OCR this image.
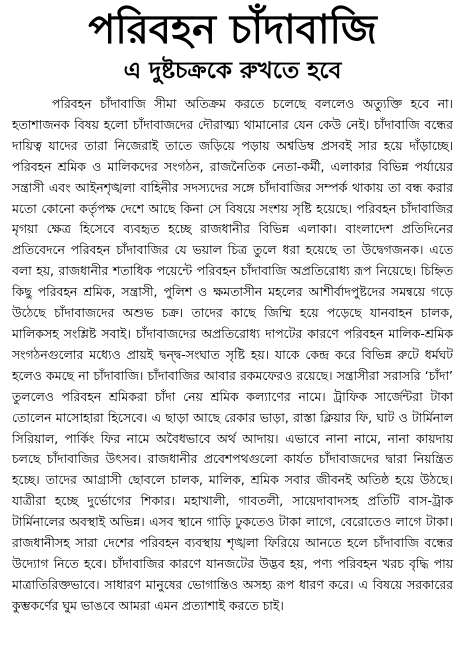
পরিবহন চাঁদাবাজি
এ দুষ্টচক্রকে রুখতে হবে

পরিবহন চাঁদাবাজি সীমা অতিক্রম করতে চলেছে বললেও অত্যুক্তি হবে না। হতাশাজনক বিষয় হলো চাঁদাবাজদের দৌরাত্ম্য থামানোর যেন কেউ নেই। চাঁদাবাজি বন্ধের দায়িত্ব যাদের তারা নিজেরাই তাতে জড়িয়ে পড়ায় অশ্বডিম্ব প্রসবই সার হয়ে দাঁড়াচ্ছে। পরিবহন শ্রমিক ও মালিকদের সংগঠন, রাজনৈতিক নেতা-কর্মী, এলাকার বিভিন্ন পর্যায়ের সন্ত্রাসী এবং আইনশৃঙ্খলা বাহিনীর সদস্যদের সঙ্গে চাঁদাবাজির সম্পর্ক থাকায় তা বন্ধ করার মতো কোনো কর্তৃপক্ষ দেশে আছে কিনা সে বিষয়ে সংশয় সৃষ্টি হয়েছে। পরিবহন চাঁদাবাজির মৃগয়া ক্ষেত্র হিসেবে ব্যবহৃত হচ্ছে রাজধানীর বিভিন্ন এলাকা। বাংলাদেশ প্রতিদিনের প্রতিবেদনে পরিবহন চাঁদাবাজির যে ভয়াল চিত্র তুলে ধরা হয়েছে তা উদ্বেগজনক। এতে বলা হয়, রাজধানীর শতাধিক পয়েন্টে পরিবহন চাঁদাবাজি অপ্রতিরোধ্য রূপ নিয়েছে। চিহ্নিত কিছু পরিবহন শ্রমিক, সন্ত্রাসী, পুলিশ ও ক্ষমতাসীন মহলের আশীর্বাদপুষ্টদের সমন্বয়ে গড়ে উঠেছে চাঁদাবাজদের অশুভ চক্র। তাদের কাছে জিম্মি হয়ে পড়েছে যানবাহন চালক, মালিকসহ সংশ্লিষ্ট সবাই। চাঁদাবাজদের অপ্রতিরোধ্য দাপটের কারণে পরিবহন মালিক-শ্রমিক সংগঠনগুলোর মধ্যেও প্রায়ই দ্বন্দ্ব-সংঘাত সৃষ্টি হয়। যাকে কেন্দ্র করে বিভিন্ন রুটে ধর্মঘট হলেও কমছে না চাঁদাবাজি। চাঁদাবাজির আবার রকমফেরও রয়েছে। সন্ত্রাসীরা সরাসরি ‘চাঁদা’ তুললেও পরিবহন শ্রমিকরা চাঁদা নেয় শ্রমিক কল্যাণের নামে। ট্রাফিক সার্জেন্টরা টাকা তোলেন মাসোহারা হিসেবে। এ ছাড়া আছে রেকার ভাড়া, রাস্তা ক্লিয়ার ফি, ঘাট ও টার্মিনাল সিরিয়াল, পার্কিং ফির নামে অবৈধভাবে অর্থ আদায়। এভাবে নানা নামে, নানা কায়দায় চলছে চাঁদাবাজির উৎসব। রাজধানীর প্রবেশপথগুলো কার্যত চাঁদাবাজদের দ্বারা নিয়ন্ত্রিত হচ্ছে। তাদের আগ্রাসী ছোবলে চালক, মালিক, শ্রমিক সবার জীবনই অতিষ্ঠ হয়ে উঠছে। যাত্রীরা হচ্ছে দুর্ভোগের শিকার। মহাখালী, গাবতলী, সায়েদাবাদসহ প্রতিটি বাস-ট্রাক টার্মিনালের অবস্থাই অভিন্ন। এসব স্থানে গাড়ি ঢুকতেও টাকা লাগে, বেরোতেও লাগে টাকা। রাজধানীসহ সারা দেশের পরিবহন ব্যবস্থায় শৃঙ্খলা ফিরিয়ে আনতে হলে চাঁদাবাজি বন্ধের উদ্যোগ নিতে হবে। চাঁদাবাজির কারণে যানজটের উদ্ভব হয়, পণ্য পরিবহন খরচ বৃদ্ধি পায় মাত্রাতিরিক্তভাবে। সাধারণ মানুষের ভোগান্তিও অসহ্য রূপ ধারণ করে। এ বিষয়ে সরকারের কুম্ভকর্ণের ঘুম ভাঙবে আমরা এমন প্রত্যাশাই করতে চাই।
